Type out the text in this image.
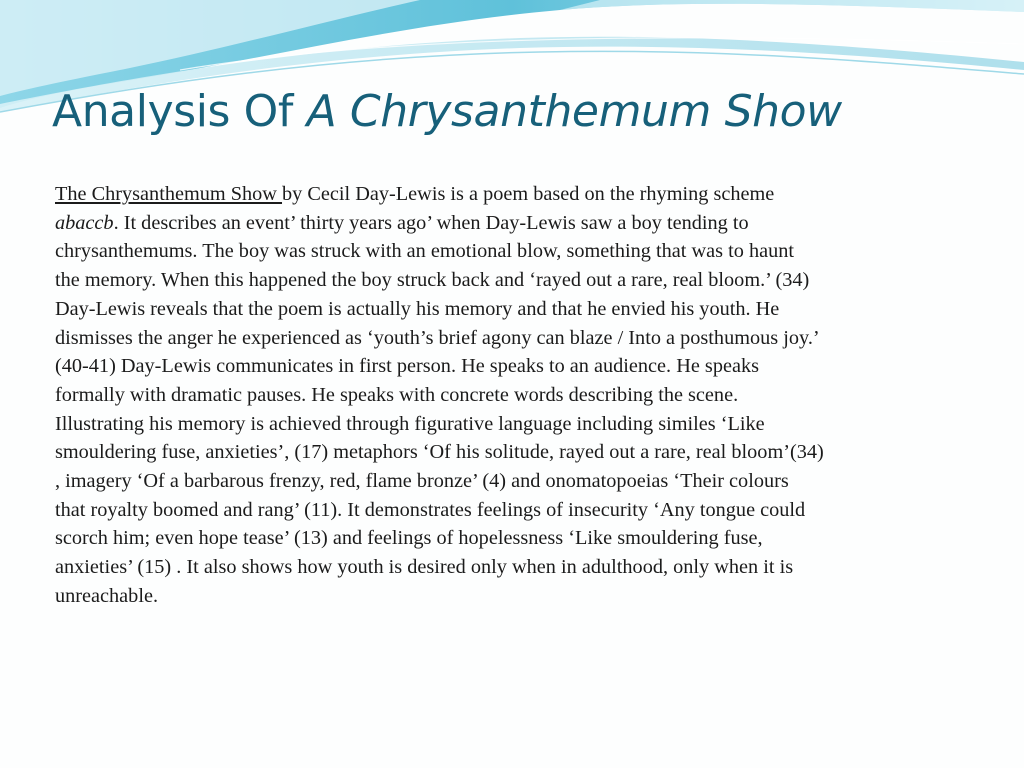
Analysis Of A Chrysanthemum Show

The Chrysanthemum Show by Cecil Day-Lewis is a poem based on the rhyming scheme
abaccb. It describes an event’ thirty years ago’ when Day-Lewis saw a boy tending to
chrysanthemums. The boy was struck with an emotional blow, something that was to haunt
the memory. When this happened the boy struck back and ‘rayed out a rare, real bloom.’ (34)
Day-Lewis reveals that the poem is actually his memory and that he envied his youth. He
dismisses the anger he experienced as ‘youth’s brief agony can blaze / Into a posthumous joy.’
(40-41) Day-Lewis communicates in first person. He speaks to an audience. He speaks
formally with dramatic pauses. He speaks with concrete words describing the scene.
Illustrating his memory is achieved through figurative language including similes ‘Like
smouldering fuse, anxieties’, (17) metaphors ‘Of his solitude, rayed out a rare, real bloom’(34)
, imagery ‘Of a barbarous frenzy, red, flame bronze’ (4) and onomatopoeias ‘Their colours
that royalty boomed and rang’ (11). It demonstrates feelings of insecurity ‘Any tongue could
scorch him; even hope tease’ (13) and feelings of hopelessness ‘Like smouldering fuse,
anxieties’ (15) . It also shows how youth is desired only when in adulthood, only when it is
unreachable.
